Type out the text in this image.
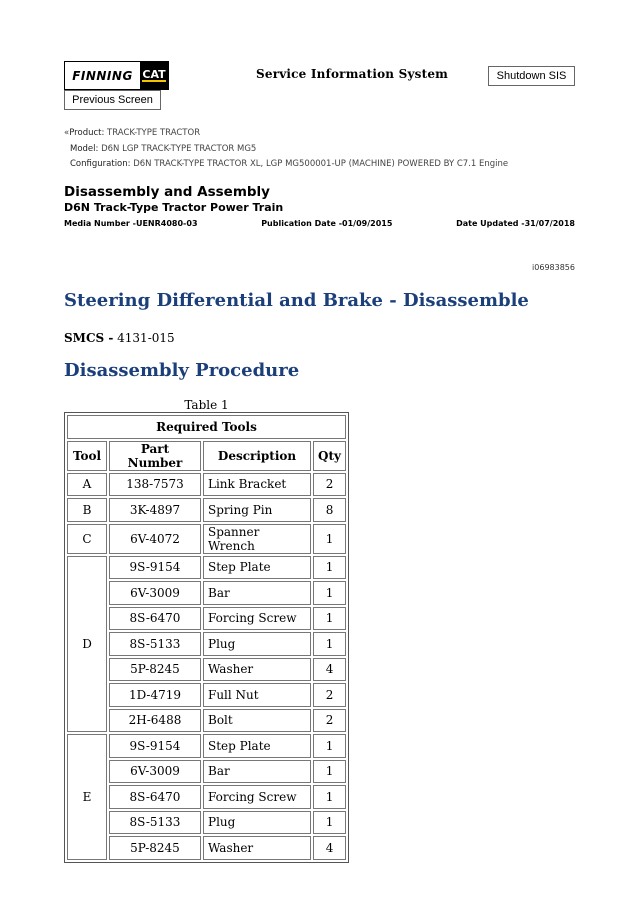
FINNING CAT	Service Information System	Shutdown SIS
Previous Screen
«Product: TRACK-TYPE TRACTOR
Model: D6N LGP TRACK-TYPE TRACTOR MG5
Configuration: D6N TRACK-TYPE TRACTOR XL, LGP MG500001-UP (MACHINE) POWERED BY C7.1 Engine
Disassembly and Assembly
D6N Track-Type Tractor Power Train
Media Number -UENR4080-03	Publication Date -01/09/2015	Date Updated -31/07/2018
i06983856
Steering Differential and Brake - Disassemble
SMCS - 4131-015
Disassembly Procedure
Table 1
Required Tools			
Tool	Part Number	Description	Qty
A	138-7573	Link Bracket	2
B	3K-4897	Spring Pin	8
C	6V-4072	Spanner Wrench	1
D	9S-9154	Step Plate	1
	6V-3009	Bar	1
	8S-6470	Forcing Screw	1
	8S-5133	Plug	1
	5P-8245	Washer	4
	1D-4719	Full Nut	2
	2H-6488	Bolt	2
E	9S-9154	Step Plate	1
	6V-3009	Bar	1
	8S-6470	Forcing Screw	1
	8S-5133	Plug	1
	5P-8245	Washer	4
